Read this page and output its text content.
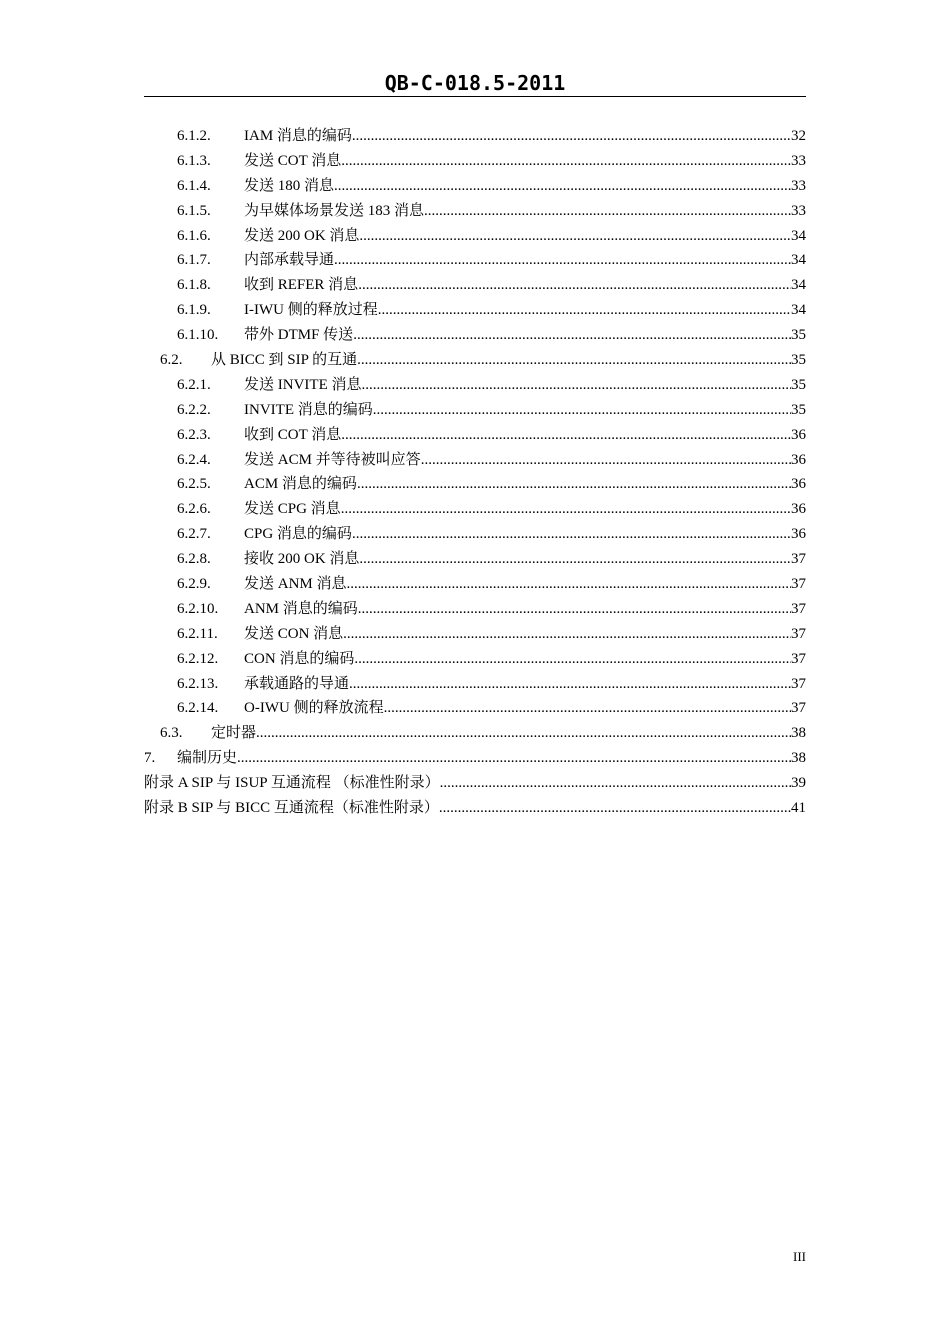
QB-C-018.5-2011
6.1.2.	IAM 消息的编码 .....	32
6.1.3.	发送 COT 消息 .....	33
6.1.4.	发送 180 消息 .....	33
6.1.5.	为早媒体场景发送 183 消息 .....	33
6.1.6.	发送 200 OK 消息 .....	34
6.1.7.	内部承载导通 .....	34
6.1.8.	收到 REFER 消息 .....	34
6.1.9.	I-IWU 侧的释放过程 .....	34
6.1.10.	带外 DTMF 传送 .....	35
6.2.	从 BICC 到 SIP 的互通 .....	35
6.2.1.	发送 INVITE 消息 .....	35
6.2.2.	INVITE 消息的编码 .....	35
6.2.3.	收到 COT 消息 .....	36
6.2.4.	发送 ACM 并等待被叫应答 .....	36
6.2.5.	ACM 消息的编码 .....	36
6.2.6.	发送 CPG 消息 .....	36
6.2.7.	CPG 消息的编码 .....	36
6.2.8.	接收 200 OK 消息 .....	37
6.2.9.	发送 ANM 消息 .....	37
6.2.10.	ANM 消息的编码 .....	37
6.2.11.	发送 CON 消息 .....	37
6.2.12.	CON 消息的编码 .....	37
6.2.13.	承载通路的导通 .....	37
6.2.14.	O-IWU 侧的释放流程 .....	37
6.3.	定时器 .....	38
7.	编制历史 .....	38
附录 A SIP 与 ISUP 互通流程 （标准性附录） .....	39
附录 B SIP 与 BICC 互通流程（标准性附录） .....	41
III
